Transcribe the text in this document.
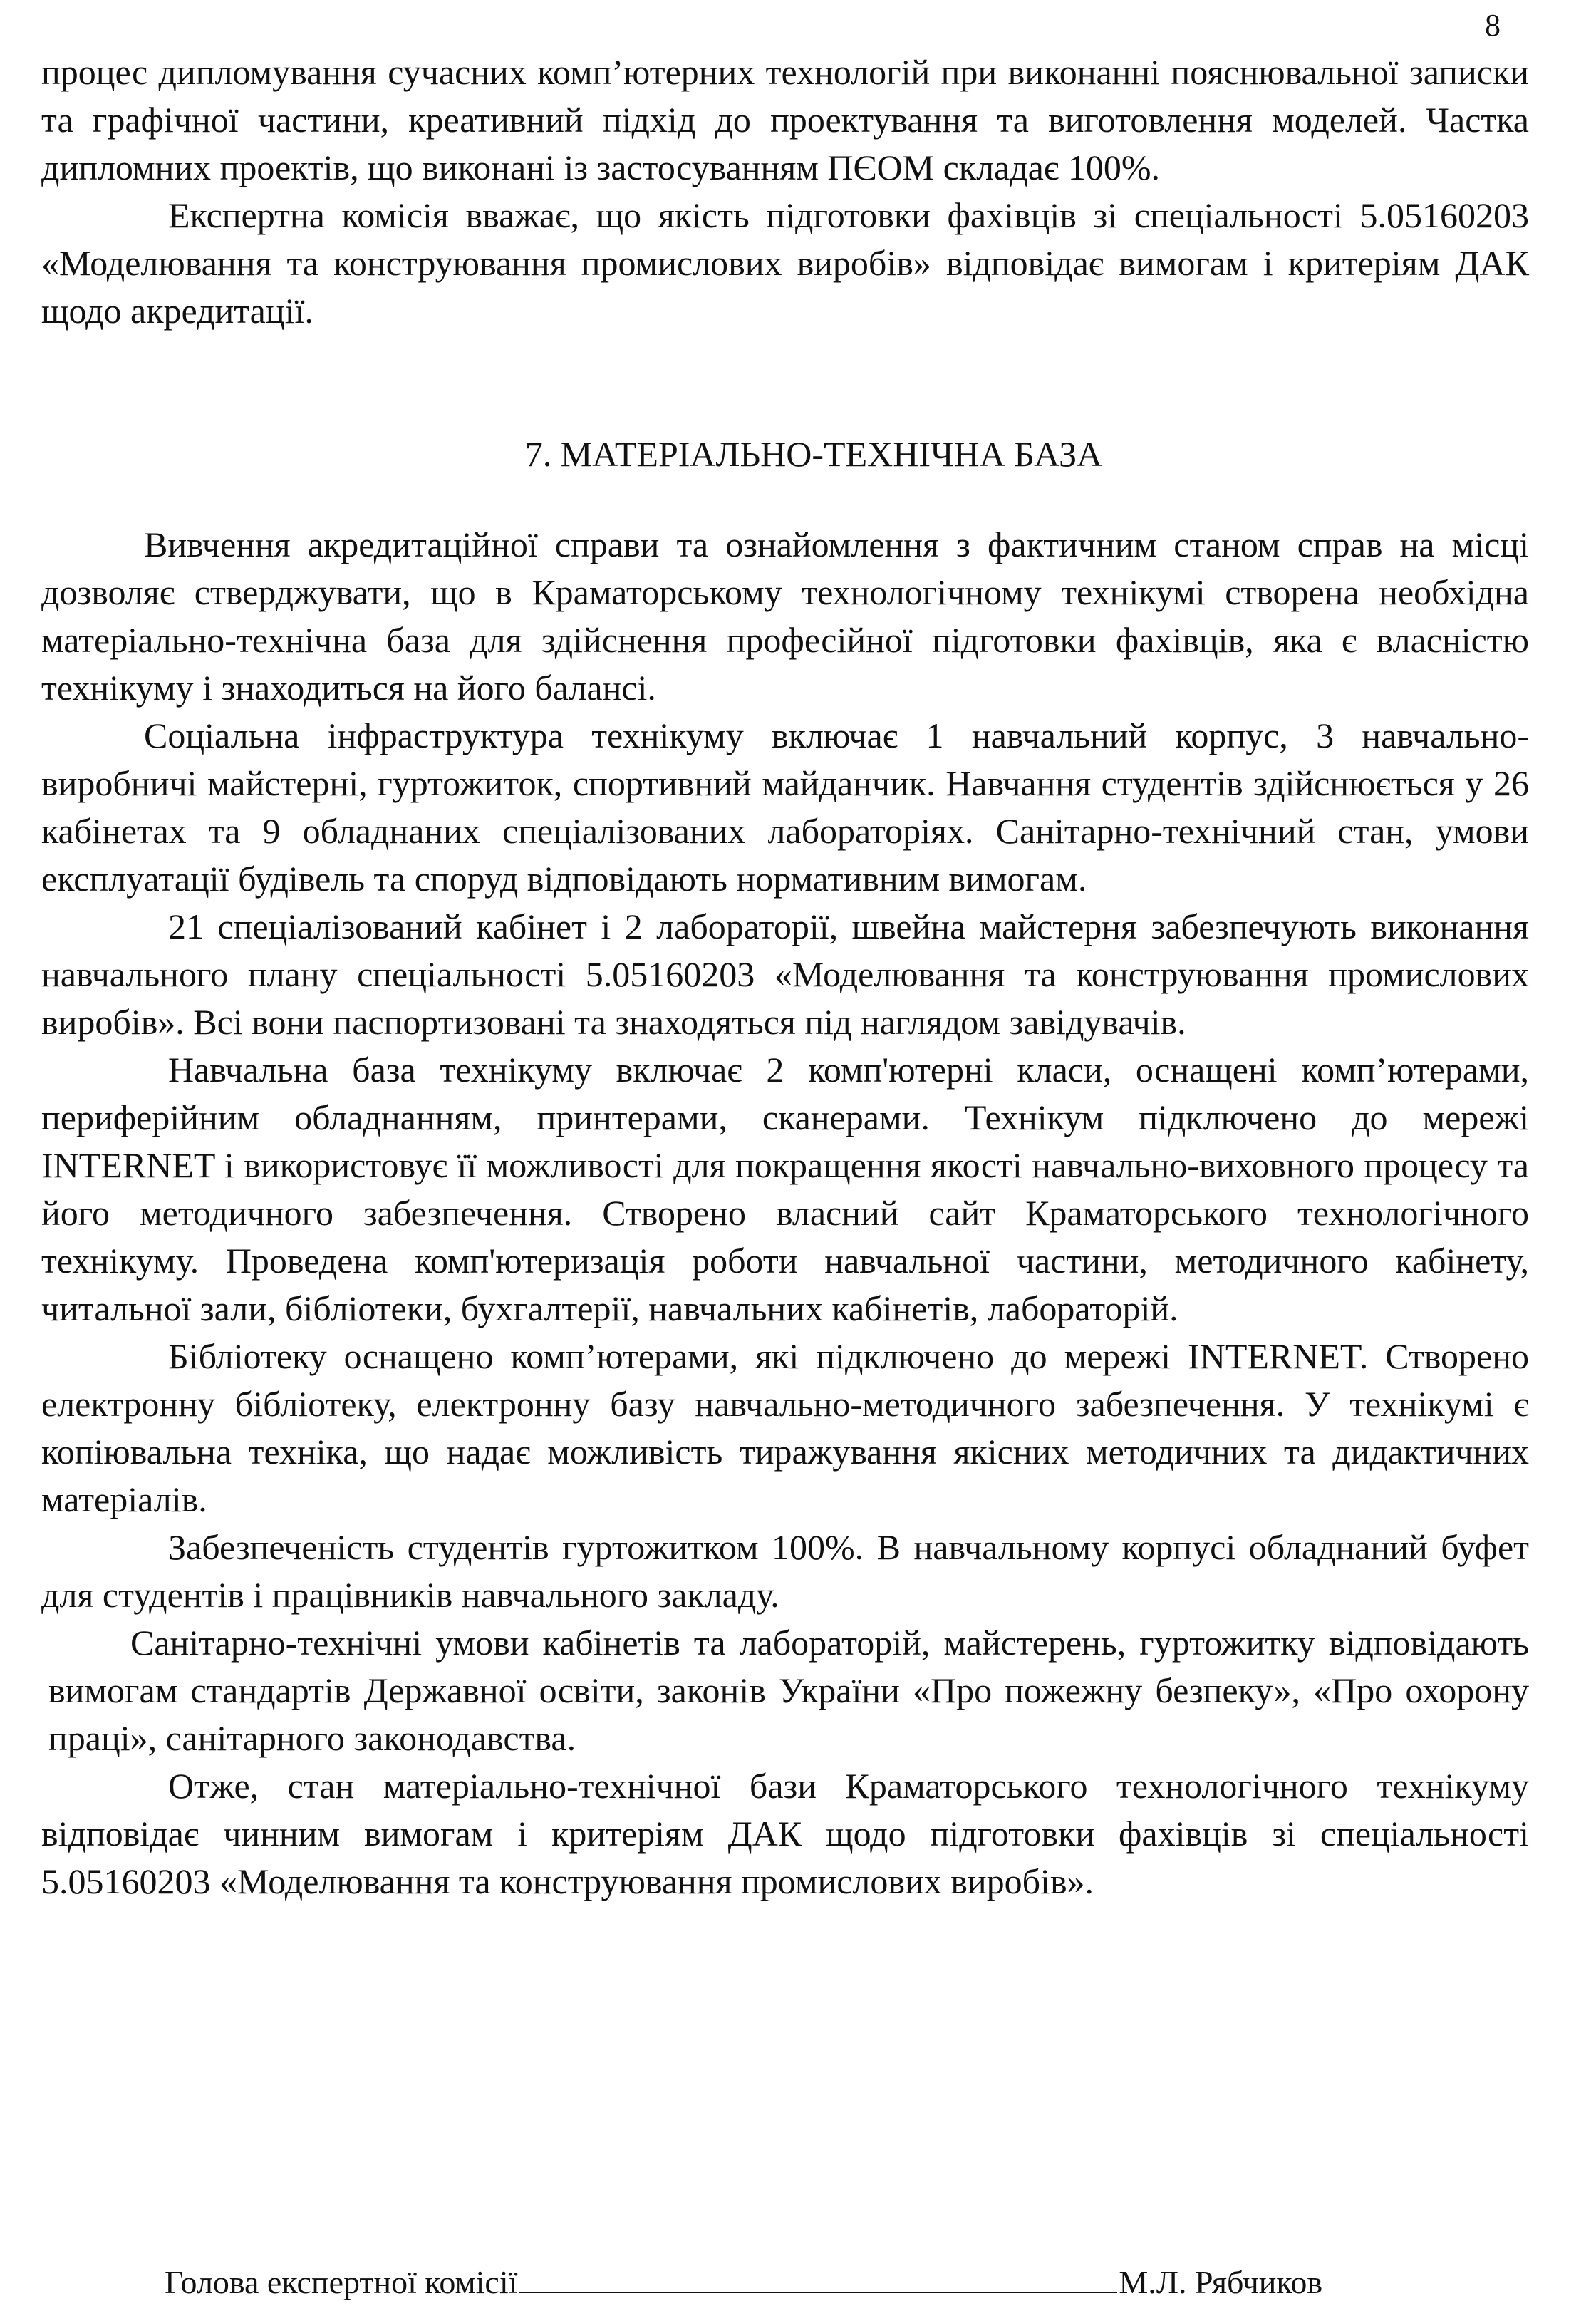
8

процес дипломування сучасних комп’ютерних технологій при виконанні пояснювальної записки та графічної частини, креативний підхід до проектування та виготовлення моделей. Частка дипломних проектів, що виконані із застосуванням ПЄОМ складає 100%.

Експертна комісія вважає, що якість підготовки фахівців зі спеціальності 5.05160203 «Моделювання та конструювання промислових виробів» відповідає вимогам і критеріям ДАК щодо акредитації.

7. МАТЕРІАЛЬНО-ТЕХНІЧНА БАЗА

Вивчення акредитаційної справи та ознайомлення з фактичним станом справ на місці дозволяє стверджувати, що в Краматорському технологічному технікумі створена необхідна матеріально-технічна база для здійснення професійної підготовки фахівців, яка є власністю технікуму і знаходиться на його балансі.

Соціальна інфраструктура технікуму включає 1 навчальний корпус, 3 навчально-виробничі майстерні, гуртожиток, спортивний майданчик. Навчання студентів здійснюється у 26 кабінетах та 9 обладнаних спеціалізованих лабораторіях. Санітарно-технічний стан, умови експлуатації будівель та споруд відповідають нормативним вимогам.

21 спеціалізований кабінет і 2 лабораторії, швейна майстерня забезпечують виконання навчального плану спеціальності 5.05160203 «Моделювання та конструювання промислових виробів». Всі вони паспортизовані та знаходяться під наглядом завідувачів.

Навчальна база технікуму включає 2 комп'ютерні класи, оснащені комп’ютерами, периферійним обладнанням, принтерами, сканерами. Технікум підключено до мережі INTERNET і використовує її можливості для покращення якості навчально-виховного процесу та його методичного забезпечення. Створено власний сайт Краматорського технологічного технікуму. Проведена комп'ютеризація роботи навчальної частини, методичного кабінету, читальної зали, бібліотеки, бухгалтерії, навчальних кабінетів, лабораторій.

Бібліотеку оснащено комп’ютерами, які підключено до мережі INTERNET. Створено електронну бібліотеку, електронну базу навчально-методичного забезпечення. У технікумі є копіювальна техніка, що надає можливість тиражування якісних методичних та дидактичних матеріалів.

Забезпеченість студентів гуртожитком 100%. В навчальному корпусі обладнаний буфет для студентів і працівників навчального закладу.

Санітарно-технічні умови кабінетів та лабораторій, майстерень, гуртожитку відповідають вимогам стандартів Державної освіти, законів України «Про пожежну безпеку», «Про охорону праці», санітарного законодавства.

Отже, стан матеріально-технічної бази Краматорського технологічного технікуму відповідає чинним вимогам і критеріям ДАК щодо підготовки фахівців зі спеціальності 5.05160203 «Моделювання та конструювання промислових виробів».

Голова експертної комісії	М.Л. Рябчиков
